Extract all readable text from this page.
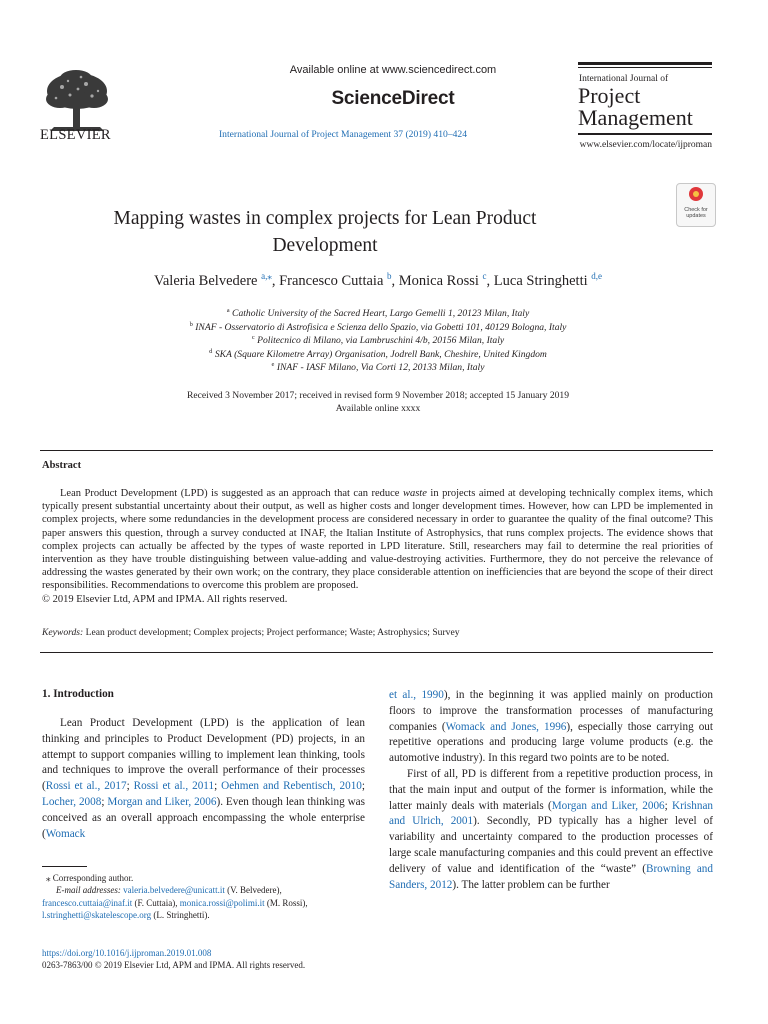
ELSEVIER
Available online at www.sciencedirect.com
ScienceDirect
International Journal of Project Management 37 (2019) 410–424
International Journal of
Project
Management
www.elsevier.com/locate/ijproman
Check for updates
Mapping wastes in complex projects for Lean Product
Development
Valeria Belvedere $^{a,⁎}$, Francesco Cuttaia $^b$, Monica Rossi $^c$, Luca Stringhetti $^{d,e}$
$^a$ Catholic University of the Sacred Heart, Largo Gemelli 1, 20123 Milan, Italy
$^b$ INAF - Osservatorio di Astrofisica e Scienza dello Spazio, via Gobetti 101, 40129 Bologna, Italy
$^c$ Politecnico di Milano, via Lambruschini 4/b, 20156 Milan, Italy
$^d$ SKA (Square Kilometre Array) Organisation, Jodrell Bank, Cheshire, United Kingdom
$^e$ INAF - IASF Milano, Via Corti 12, 20133 Milan, Italy
Received 3 November 2017; received in revised form 9 November 2018; accepted 15 January 2019
Available online xxxx
Abstract

Lean Product Development (LPD) is suggested as an approach that can reduce waste in projects aimed at developing technically complex items, which typically present substantial uncertainty about their output, as well as higher costs and longer development times. However, how can LPD be implemented in complex projects, where some redundancies in the development process are considered necessary in order to guarantee the quality of the final outcome? This paper answers this question, through a survey conducted at INAF, the Italian Institute of Astrophysics, that runs complex projects. The evidence shows that complex projects can actually be affected by the types of waste reported in LPD literature. Still, researchers may fail to determine the real priorities of intervention as they have trouble distinguishing between value-adding and value-destroying activities. Furthermore, they do not perceive the relevance of addressing the wastes generated by their own work; on the contrary, they place considerable attention on inefficiencies that are beyond the scope of their direct responsibilities. Recommendations to overcome this problem are proposed.

© 2019 Elsevier Ltd, APM and IPMA. All rights reserved.
Keywords: Lean product development; Complex projects; Project performance; Waste; Astrophysics; Survey
1. Introduction

Lean Product Development (LPD) is the application of lean thinking and principles to Product Development (PD) projects, in an attempt to support companies willing to implement lean thinking, tools and techniques to improve the overall performance of their processes (Rossi et al., 2017; Rossi et al., 2011; Oehmen and Rebentisch, 2010; Locher, 2008; Morgan and Liker, 2006). Even though lean thinking was conceived as an overall approach encompassing the whole enterprise (Womack

et al., 1990), in the beginning it was applied mainly on production floors to improve the transformation processes of manufacturing companies (Womack and Jones, 1996), especially those carrying out repetitive operations and producing large volume products (e.g. the automotive industry). In this regard two points are to be noted.

First of all, PD is different from a repetitive production process, in that the main input and output of the former is information, while the latter mainly deals with materials (Morgan and Liker, 2006; Krishnan and Ulrich, 2001). Secondly, PD typically has a higher level of variability and uncertainty compared to the production processes of large scale manufacturing companies and this could prevent an effective delivery of value and identification of the “waste” (Browning and Sanders, 2012). The latter problem can be further

⁎ Corresponding author.
E-mail addresses: valeria.belvedere@unicatt.it (V. Belvedere),
francesco.cuttaia@inaf.it (F. Cuttaia), monica.rossi@polimi.it (M. Rossi),
l.stringhetti@skatelescope.org (L. Stringhetti).
https://doi.org/10.1016/j.ijproman.2019.01.008
0263-7863/00 © 2019 Elsevier Ltd, APM and IPMA. All rights reserved.
